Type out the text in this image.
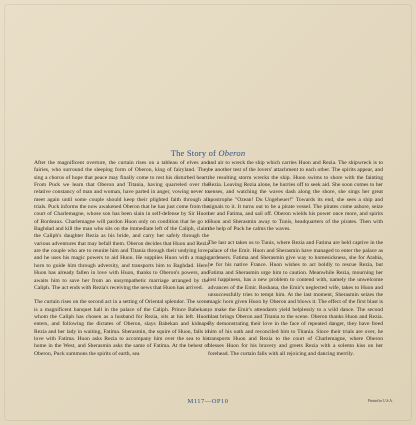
The Story of Oberon

After the magnificent overture, the curtain rises on a tableau of elves and fairies, who surround the sleeping form of Oberon, king of fairyland. They sing a chorus of hope that peace may finally come to rest his disturbed heart. From Puck we learn that Oberon and Titania, having quarreled over the relative constancy of man and woman, have parted in anger, vowing never to meet again until some couple should keep their plighted faith through all trials. Puck informs the now awakened Oberon that he has just come from the court of Charlemagne, whose son has been slain in self-defense by Sir Huon of Bordeaux. Charlemagne will pardon Huon only on condition that he go to Baghdad and kill the man who sits on the immediate left of the Caliph, claim the Caliph's daughter Rezia as his bride, and carry her safely through the various adventures that may befall them. Oberon decides that Huon and Rezia are the couple who are to reunite him and Titania through their undying love, and he uses his magic powers to aid Huon. He supplies Huon with a magic horn to guide him through adversity, and transports him to Baghdad. Here, Huon has already fallen in love with Huon, thanks to Oberon's powers, and awaits him to save her from an unsympathetic marriage arranged by the Caliph. The act ends with Rezia's receiving the news that Huon has arrived.

The curtain rises on the second act in a setting of Oriental splendor. The scene is a magnificent banquet hall in the palace of the Caliph. Prince Babekan, whom the Caliph has chosen as a husband for Rezia, sits at his left. Huon enters, and following the dictates of Oberon, slays Babekan and kidnaps Rezia and her lady in waiting, Fatima. Sherasmin, the squire of Huon, falls in love with Fatima. Huon asks Rezia to accompany him over the sea to his home in the West, and Sherasmin asks the same of Fatima. At the behest of Oberon, Puck summons the spirits of earth, sea

and air to wreck the ship which carries Huon and Rezia. The shipwreck is to be another test of the lovers' attachment to each other. The spirits appear, and the resulting storm wrecks the ship. Huon swims to shore with the fainting Rezia. Leaving Rezia alone, he hurries off to seek aid. She soon comes to her senses, and watching the waves dash along the shore, she sings her great apostrophe "Ozean! Du Ungeheuer!" Towards its end, she sees a ship and signals to it. It turns out to be a pirate vessel. The pirates come ashore, seize her and Fatima, and sail off. Oberon wields his power once more, and spirits Huon and Sherasmin away to Tunis, headquarters of the pirates. Then with the help of Puck he calms the waves.

The last act takes us to Tunis, where Rezia and Fatima are held captive in the palace of the Emir. Huon and Sherasmin have managed to enter the palace as gardeners. Fatima and Sherasmin give way to homesickness, she for Arabia, he for his native France. Huon wishes to act boldly to rescue Rezia, but Fatima and Sherasmin urge him to caution. Meanwhile Rezia, mourning her lost happiness, has a new problem to contend with, namely the unwelcome advances of the Emir. Roshana, the Emir's neglected wife, takes to Huon and unsuccessfully tries to tempt him. At the last moment, Sherasmin seizes the magic horn given Huon by Oberon and blows it. The effect of the first blast is to make the Emir's attendants yield helplessly to a wild dance. The second blast brings Oberon and Titania to the scene. Oberon thanks Huon and Rezia. By demonstrating their love in the face of repeated danger, they have freed him of his oath and reconciled him to Titania. Since their trials are over, he transports Huon and Rezia to the court of Charlemagne, where Oberon blesses Huon for his bravery and greets Rezia with a solemn kiss on her forehead. The curtain falls with all rejoicing and dancing merrily.

M117—OP10	Printed in U.S.A.
